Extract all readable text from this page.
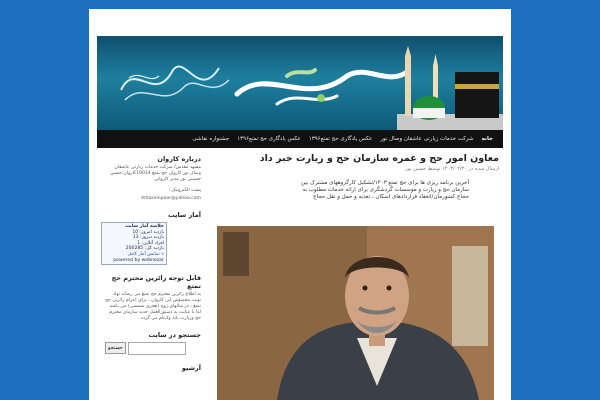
خانه
شرکت خدمات زیارتی عاشقان وصال نور
عکس یادگاری حج تمتع۱۳۹۶
عکس یادگاری حج تمتع۱۳۹۶
جشنواره نقاشی
معاون امور حج و عمره سازمان حج و زیارت خبر داد
ارسال شده در ۱۴۰۳/۰۲/۲۰ توسط حسین نور
آخرین برنامه ریزی ها برای حج تمتع ۱۴۰۳/تشکیل کارگروههای مشترک بین سازمان حج و زیارت و موسسات گردشگری برای ارائه خدمات مطلوب به حجاج کشورمان/انعقاد قراردادهای اسکان ، تغذیه و حمل و نقل حجاج
درباره کاروان

مشهد مقدس/ شرکت خدمات زیارتی عاشقان وصال نور کاروان حج تمتع 19014کاروان:حسین حسینی نور مدیر کاروانی

پست الکترونیک :

drhoseinpoor@yahoo.com

آمار سایت
خلاصه آمار سایت
بازدید امروز: 10
بازدید دیروز: 13
افراد آنلاین: 1
بازدید کل: 200285
» نمایش آمار کامل
powered by webnezar
قابل توجه زائرین محترم حج تمتع

به اطلاع زائرین محترم حج تمتع می رساند نهاد نوبت مخصوص این کاروان ، برای اعزام زائرین حج تمتع ، در سالهای زوج (هجری شمسی) می باشد. لذا با عنایت به دستورالعمل جدید سازمان محترم حج وزیارت باید ولایتام می گردد.

جستجو در سایت
جستجو
آرشیو
